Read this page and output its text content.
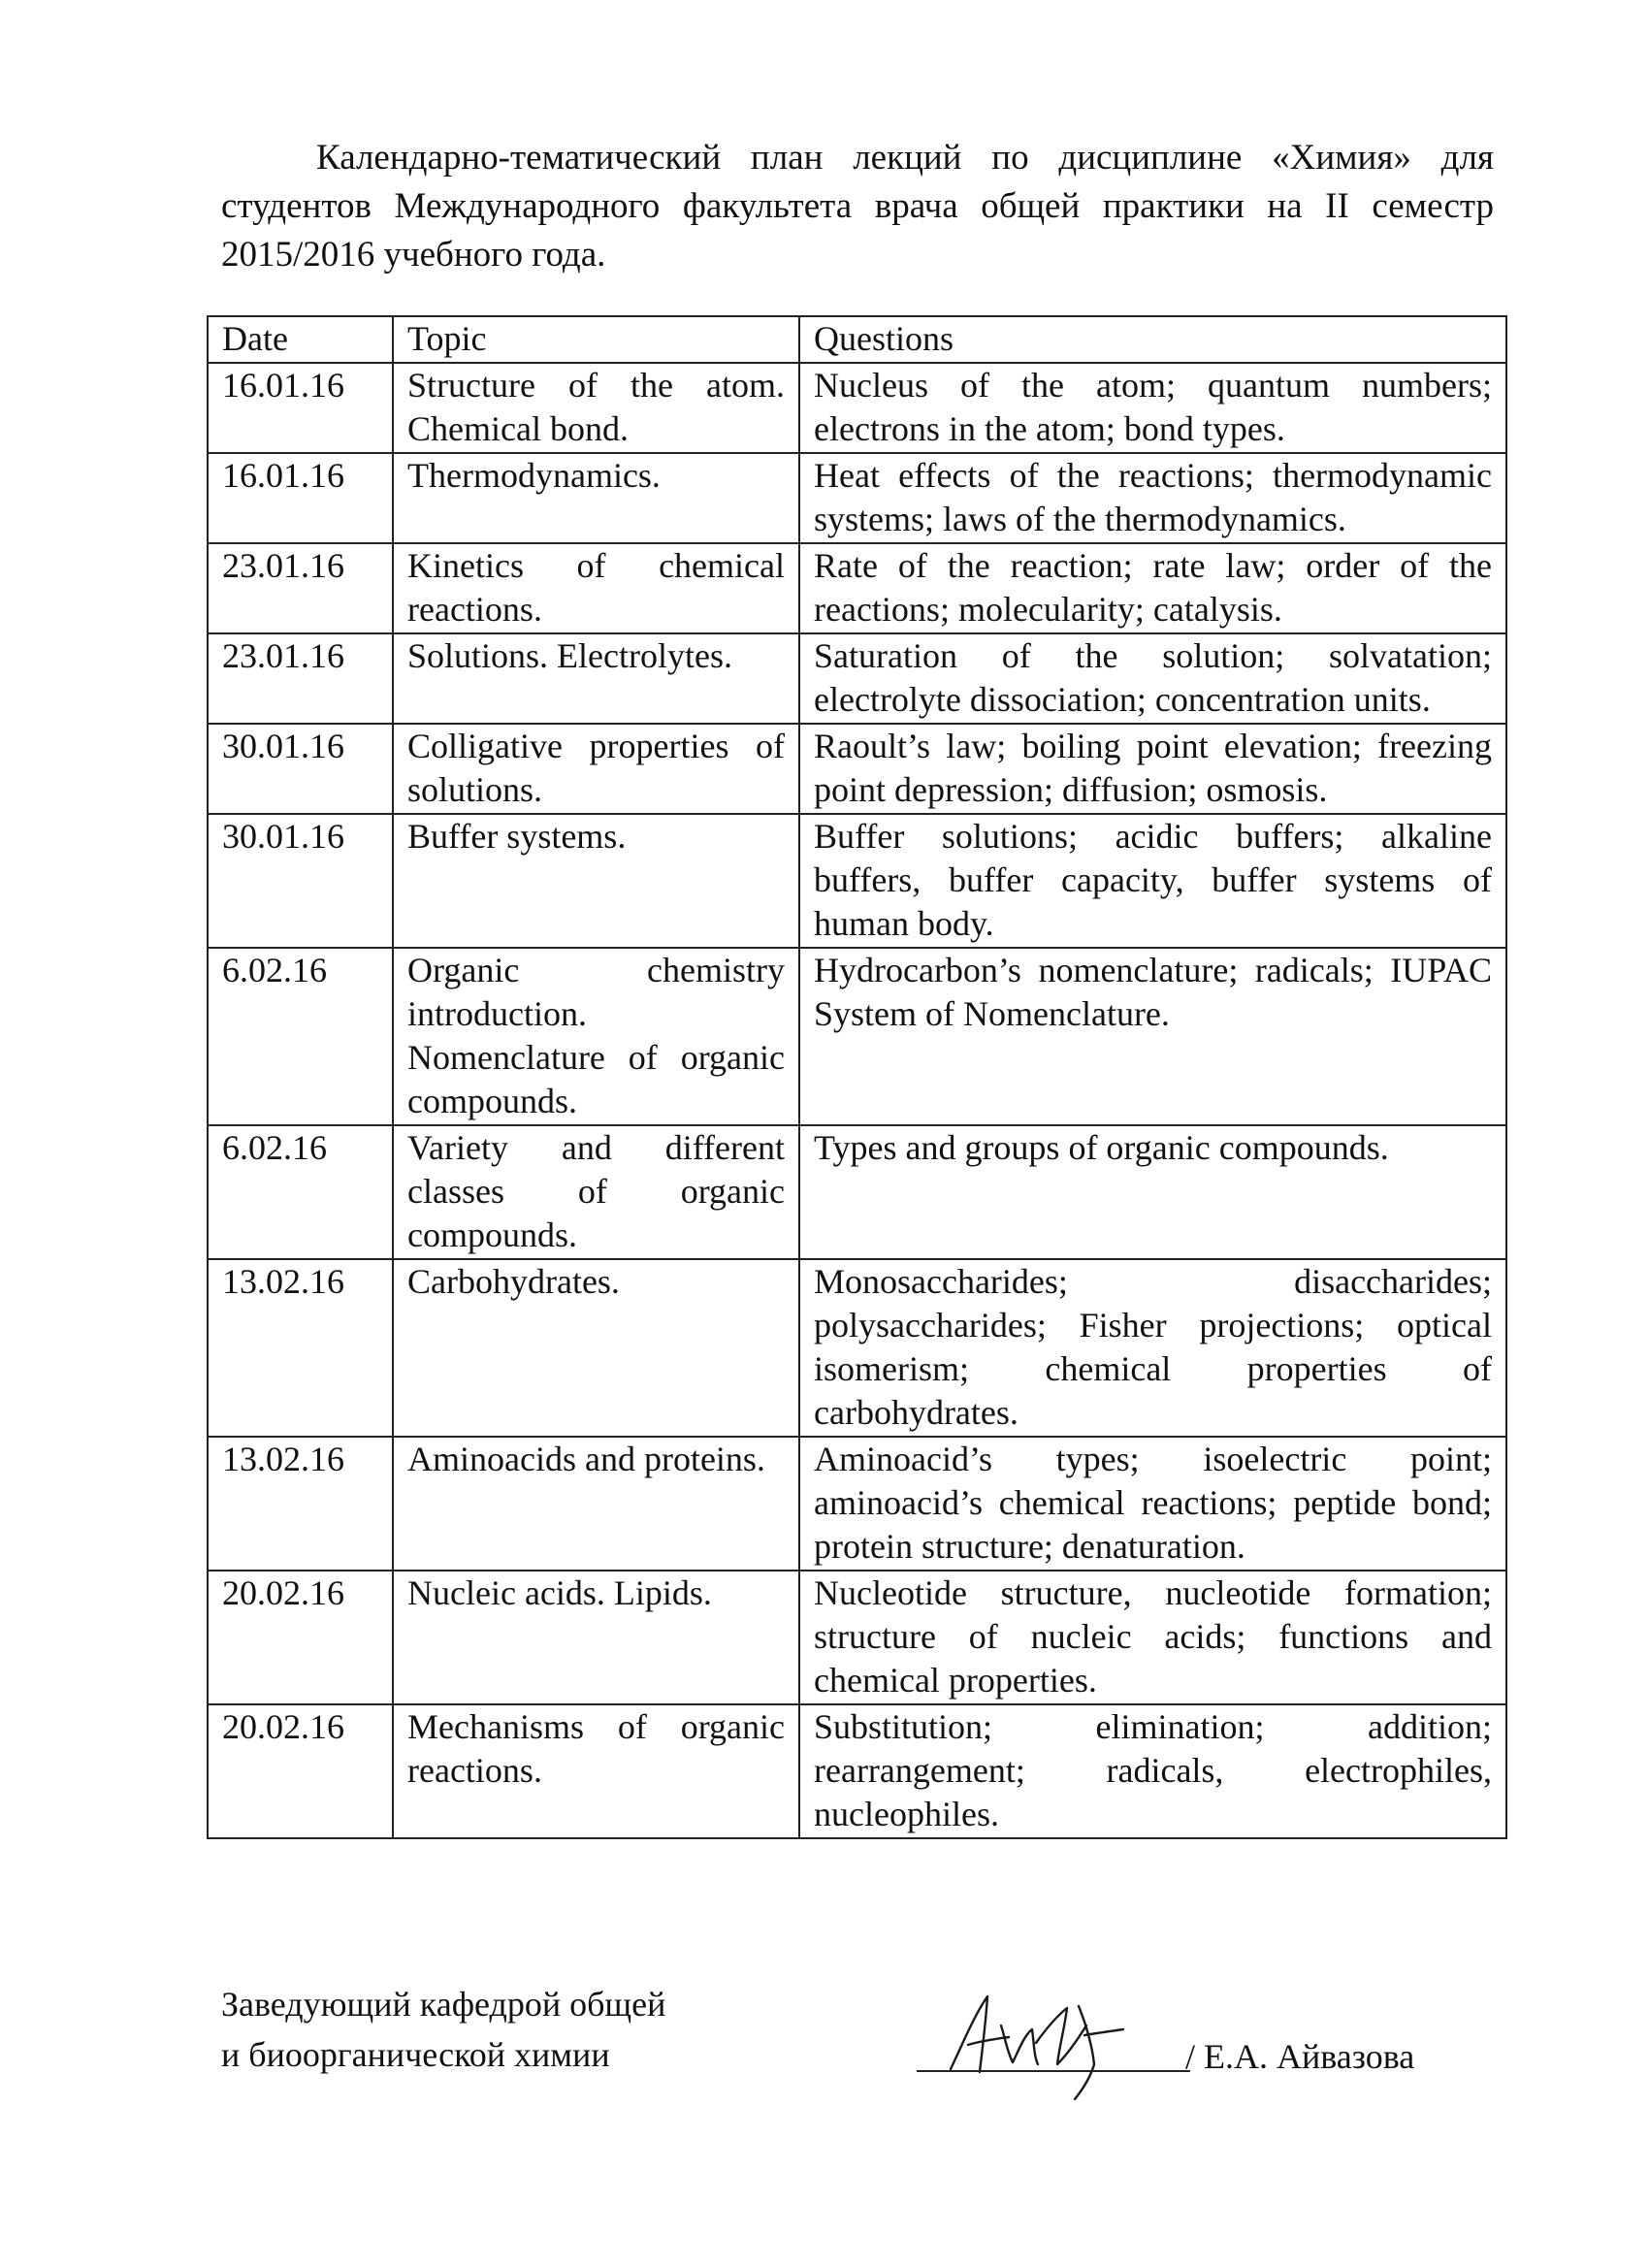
Календарно-тематический план лекций по дисциплине «Химия» для студентов Международного факультета врача общей практики на II семестр 2015/2016 учебного года.

Date	Topic	Questions
16.01.16	Structure of the atom. Chemical bond.	Nucleus of the atom; quantum numbers; electrons in the atom; bond types.
16.01.16	Thermodynamics.	Heat effects of the reactions; thermodynamic systems; laws of the thermodynamics.
23.01.16	Kinetics of chemical reactions.	Rate of the reaction; rate law; order of the reactions; molecularity; catalysis.
23.01.16	Solutions. Electrolytes.	Saturation of the solution; solvatation; electrolyte dissociation; concentration units.
30.01.16	Colligative properties of solutions.	Raoult’s law; boiling point elevation; freezing point depression; diffusion; osmosis.
30.01.16	Buffer systems.	Buffer solutions; acidic buffers; alkaline buffers, buffer capacity, buffer systems of human body.
6.02.16	Organic chemistry introduction. Nomenclature of organic compounds.	Hydrocarbon’s nomenclature; radicals; IUPAC System of Nomenclature.
6.02.16	Variety and different classes of organic compounds.	Types and groups of organic compounds.
13.02.16	Carbohydrates.	Monosaccharides; disaccharides; polysaccharides; Fisher projections; optical isomerism; chemical properties of carbohydrates.
13.02.16	Aminoacids and proteins.	Aminoacid’s types; isoelectric point; aminoacid’s chemical reactions; peptide bond; protein structure; denaturation.
20.02.16	Nucleic acids. Lipids.	Nucleotide structure, nucleotide formation; structure of nucleic acids; functions and chemical properties.
20.02.16	Mechanisms of organic reactions.	Substitution; elimination; addition; rearrangement; radicals, electrophiles, nucleophiles.
Заведующий кафедрой общей
и биоорганической химии	/ Е.А. Айвазова
